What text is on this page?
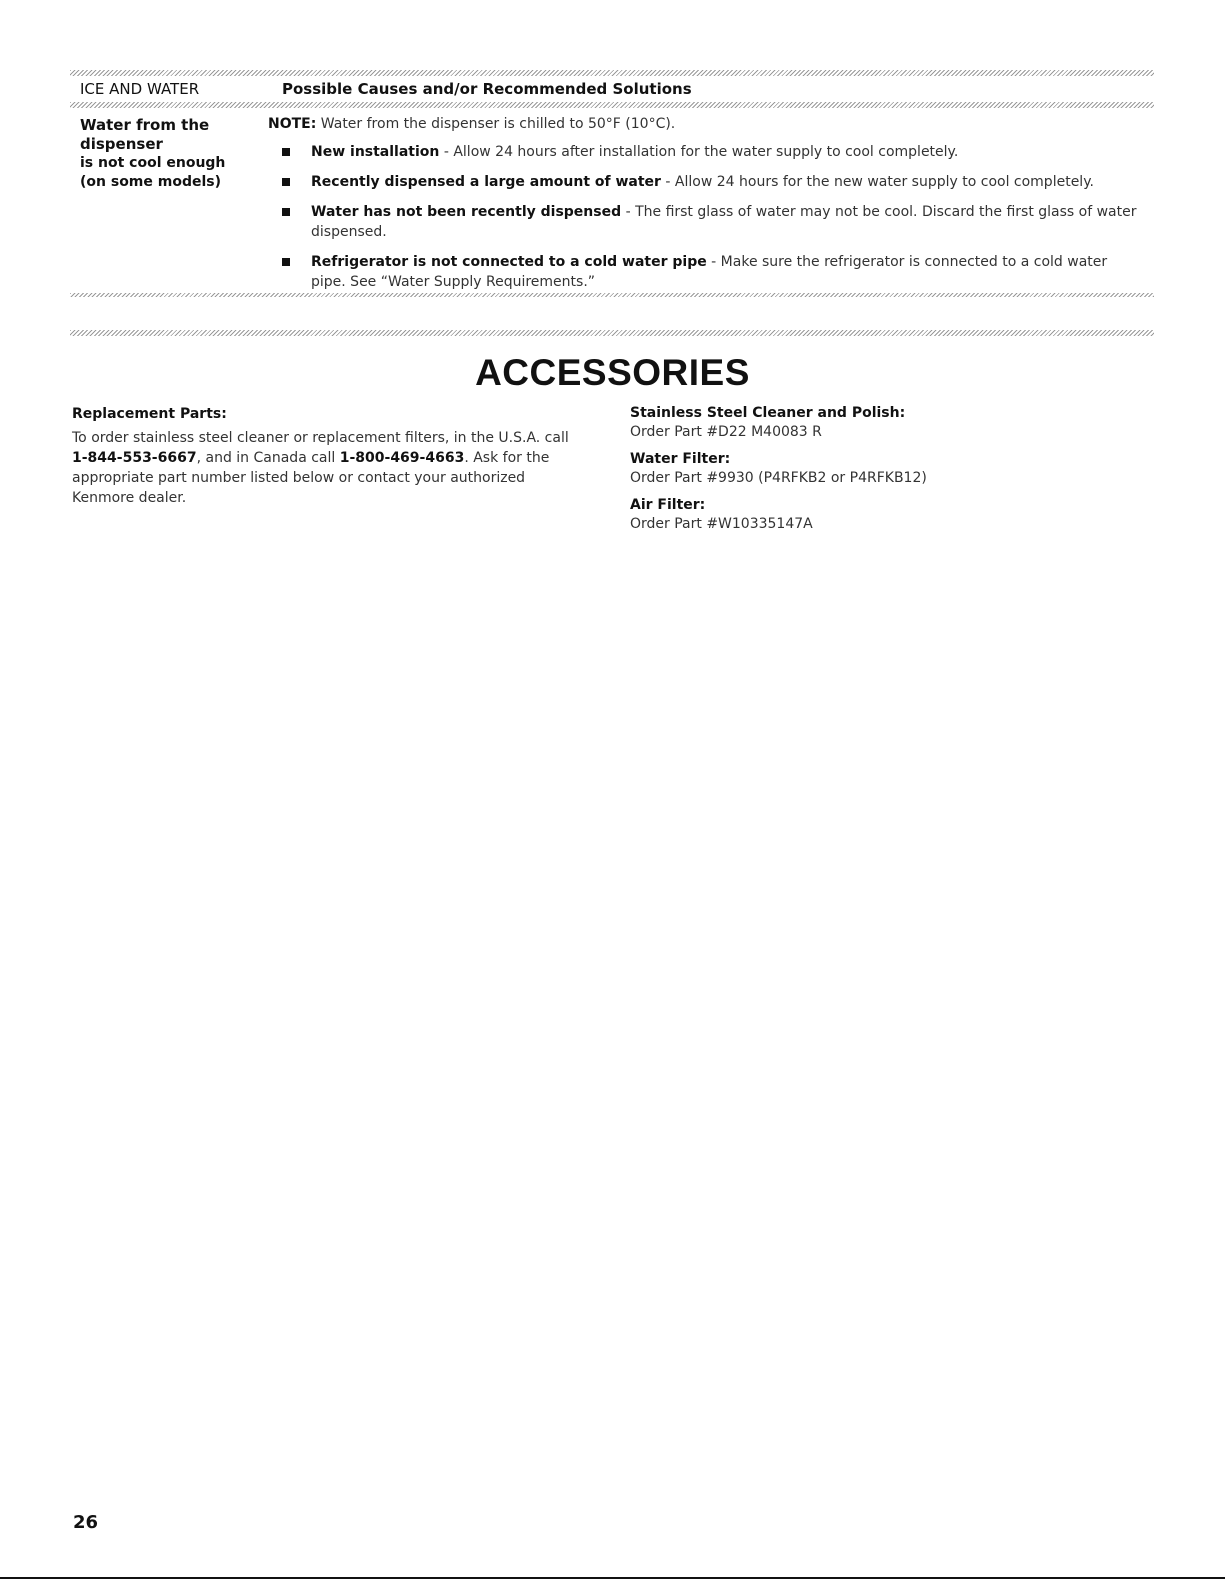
ICE AND WATER	Possible Causes and/or Recommended Solutions
Water from the dispenser
is not cool enough
(on some models)
NOTE: Water from the dispenser is chilled to 50°F (10°C).
New installation - Allow 24 hours after installation for the water supply to cool completely.
Recently dispensed a large amount of water - Allow 24 hours for the new water supply to cool completely.
Water has not been recently dispensed - The first glass of water may not be cool. Discard the first glass of water dispensed.
Refrigerator is not connected to a cold water pipe - Make sure the refrigerator is connected to a cold water pipe. See “Water Supply Requirements.”
ACCESSORIES
Replacement Parts:
To order stainless steel cleaner or replacement filters, in the U.S.A. call 1-844-553-6667, and in Canada call 1-800-469-4663. Ask for the appropriate part number listed below or contact your authorized Kenmore dealer.
Stainless Steel Cleaner and Polish:
Order Part #D22 M40083 R
Water Filter:
Order Part #9930 (P4RFKB2 or P4RFKB12)
Air Filter:
Order Part #W10335147A
26
